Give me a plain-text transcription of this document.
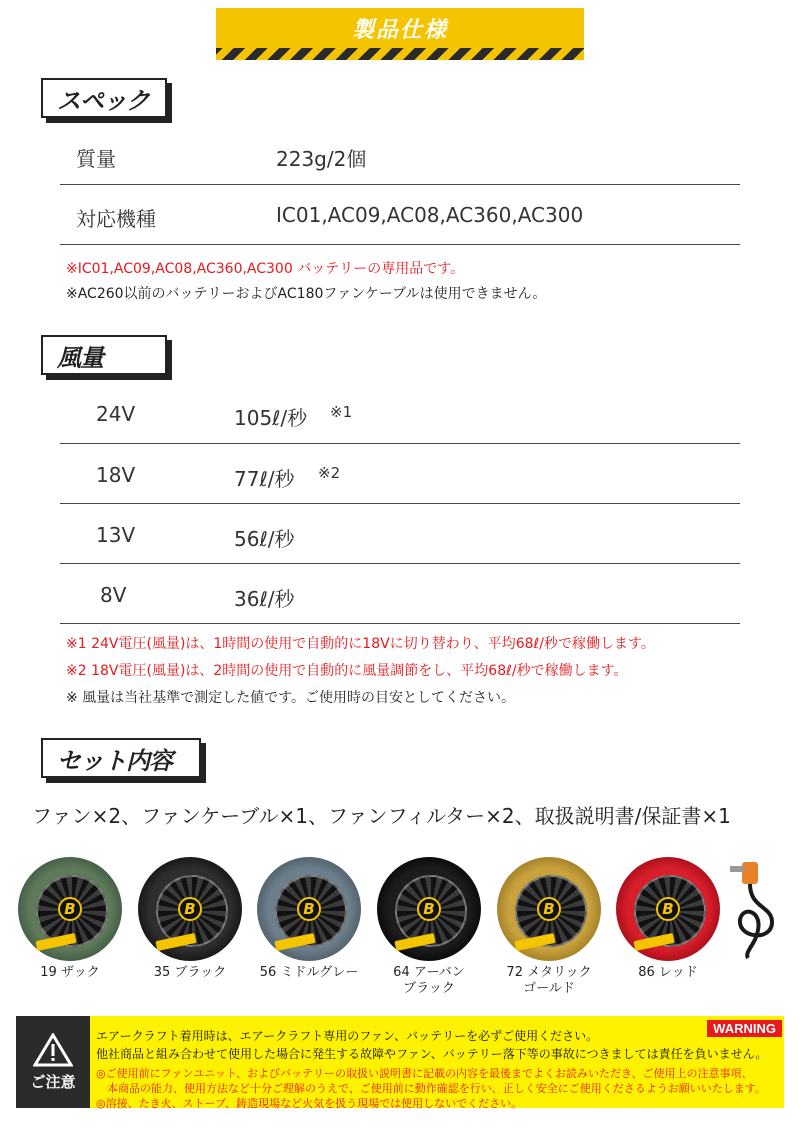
製品仕様
スペック
質量	223g/2個
対応機種	IC01,AC09,AC08,AC360,AC300
※IC01,AC09,AC08,AC360,AC300 バッテリーの専用品です。
※AC260以前のバッテリーおよびAC180ファンケーブルは使用できません。
風量
24V	105ℓ/秒 ※1
18V	77ℓ/秒 ※2
13V	56ℓ/秒
8V	36ℓ/秒
※1 24V電圧(風量)は、1時間の使用で自動的に18Vに切り替わり、平均68ℓ/秒で稼働します。
※2 18V電圧(風量)は、2時間の使用で自動的に風量調節をし、平均68ℓ/秒で稼働します。
※ 風量は当社基準で測定した値です。ご使用時の目安としてください。
セット内容
ファン×2、ファンケーブル×1、ファンフィルター×2、取扱説明書/保証書×1
B
19 ザック
B
35 ブラック
B
56 ミドルグレー
B
64 アーバン
ブラック
B
72 メタリック
ゴールド
B
86 レッド
ご注意
WARNING
エアークラフト着用時は、エアークラフト専用のファン、バッテリーを必ずご使用ください。
他社商品と組み合わせて使用した場合に発生する故障やファン、バッテリー落下等の事故につきましては責任を負いません。
◎ご使用前にファンユニット、およびバッテリーの取扱い説明書に記載の内容を最後までよくお読みいただき、ご使用上の注意事項、
　本商品の能力、使用方法など十分ご理解のうえで、ご使用前に動作確認を行い、正しく安全にご使用くださるようお願いいたします。
◎溶接、たき火、ストーブ、鋳造現場など火気を扱う現場では使用しないでください。
